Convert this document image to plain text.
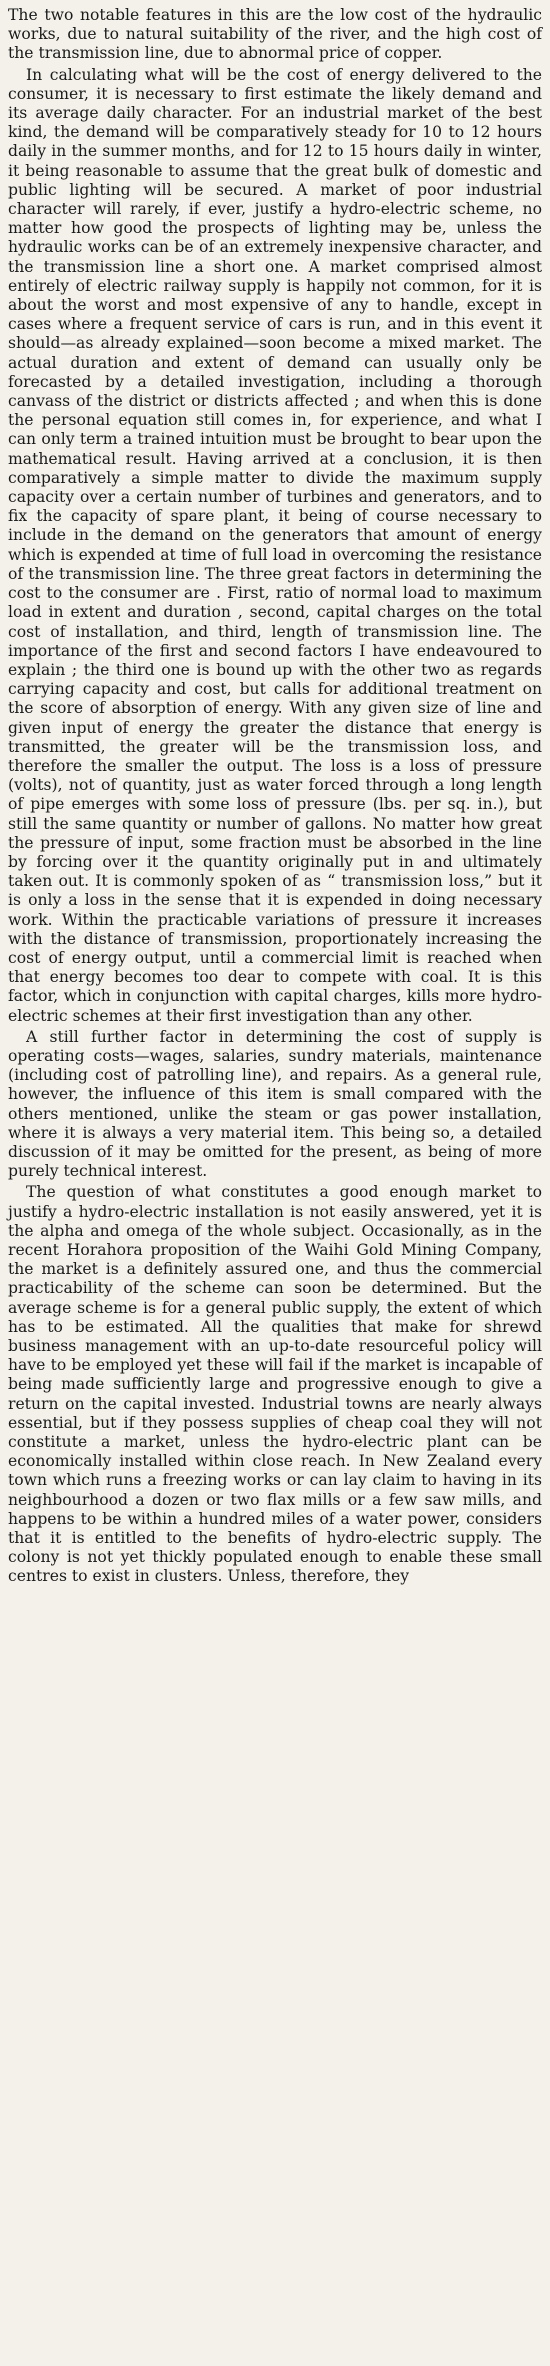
The two notable features in this are the low cost of the hydraulic works, due to natural suitability of the river, and the high cost of the transmission line, due to abnormal price of copper.

In calculating what will be the cost of energy delivered to the consumer, it is necessary to first estimate the likely demand and its average daily character. For an industrial market of the best kind, the demand will be comparatively steady for 10 to 12 hours daily in the summer months, and for 12 to 15 hours daily in winter, it being reasonable to assume that the great bulk of domestic and public lighting will be secured. A market of poor industrial character will rarely, if ever, justify a hydro-electric scheme, no matter how good the prospects of lighting may be, unless the hydraulic works can be of an extremely inexpensive character, and the transmission line a short one. A market comprised almost entirely of electric railway supply is happily not common, for it is about the worst and most expensive of any to handle, except in cases where a frequent service of cars is run, and in this event it should—as already explained—soon become a mixed market. The actual duration and extent of demand can usually only be forecasted by a detailed investigation, including a thorough canvass of the district or districts affected ; and when this is done the personal equation still comes in, for experience, and what I can only term a trained intuition must be brought to bear upon the mathematical result. Having arrived at a conclusion, it is then comparatively a simple matter to divide the maximum supply capacity over a certain number of turbines and generators, and to fix the capacity of spare plant, it being of course necessary to include in the demand on the generators that amount of energy which is expended at time of full load in overcoming the resistance of the transmission line. The three great factors in determining the cost to the consumer are . First, ratio of normal load to maximum load in extent and duration , second, capital charges on the total cost of installation, and third, length of transmission line. The importance of the first and second factors I have endeavoured to explain ; the third one is bound up with the other two as regards carrying capacity and cost, but calls for additional treatment on the score of absorption of energy. With any given size of line and given input of energy the greater the distance that energy is transmitted, the greater will be the transmission loss, and therefore the smaller the output. The loss is a loss of pressure (volts), not of quantity, just as water forced through a long length of pipe emerges with some loss of pressure (lbs. per sq. in.), but still the same quantity or number of gallons. No matter how great the pressure of input, some fraction must be absorbed in the line by forcing over it the quantity originally put in and ultimately taken out. It is commonly spoken of as “ transmission loss,” but it is only a loss in the sense that it is expended in doing necessary work. Within the practicable variations of pressure it increases with the distance of transmission, proportionately increasing the cost of energy output, until a commercial limit is reached when that energy becomes too dear to compete with coal. It is this factor, which in conjunction with capital charges, kills more hydro-electric schemes at their first investigation than any other.

A still further factor in determining the cost of supply is operating costs—wages, salaries, sundry materials, maintenance (including cost of patrolling line), and repairs. As a general rule, however, the influence of this item is small compared with the others mentioned, unlike the steam or gas power installation, where it is always a very material item. This being so, a detailed discussion of it may be omitted for the present, as being of more purely technical interest.

The question of what constitutes a good enough market to justify a hydro-electric installation is not easily answered, yet it is the alpha and omega of the whole subject. Occasionally, as in the recent Horahora proposition of the Waihi Gold Mining Company, the market is a definitely assured one, and thus the commercial practicability of the scheme can soon be determined. But the average scheme is for a general public supply, the extent of which has to be estimated. All the qualities that make for shrewd business management with an up-to-date resourceful policy will have to be employed yet these will fail if the market is incapable of being made sufficiently large and progressive enough to give a return on the capital invested. Industrial towns are nearly always essential, but if they possess supplies of cheap coal they will not constitute a market, unless the hydro-electric plant can be economically installed within close reach. In New Zealand every town which runs a freezing works or can lay claim to having in its neighbourhood a dozen or two flax mills or a few saw mills, and happens to be within a hundred miles of a water power, considers that it is entitled to the benefits of hydro-electric supply. The colony is not yet thickly populated enough to enable these small centres to exist in clusters. Unless, therefore, they
